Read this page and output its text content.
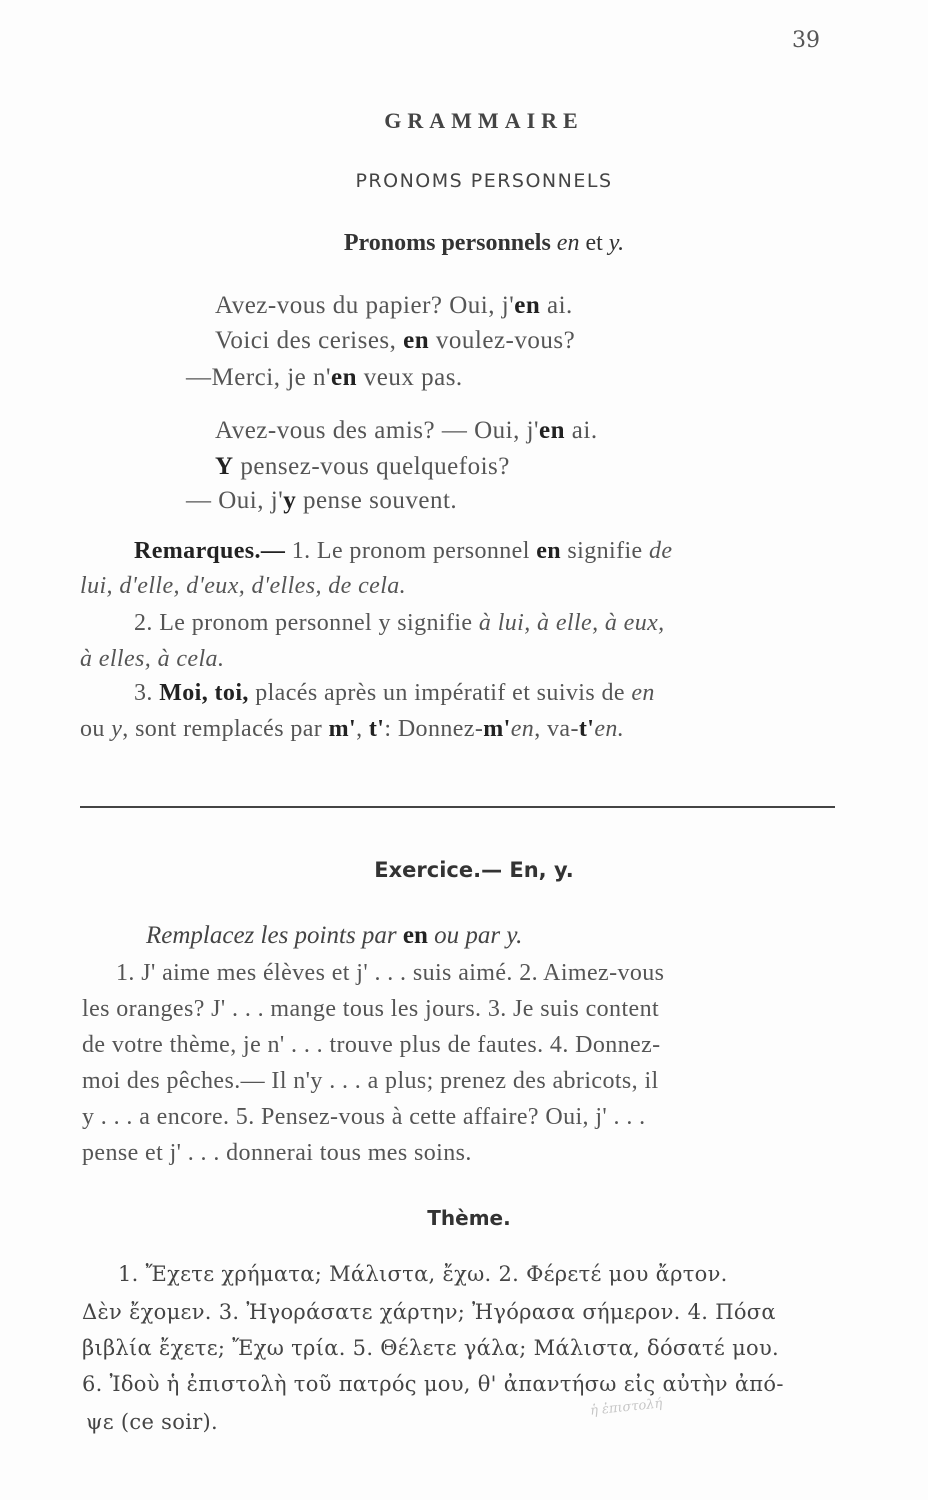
39
GRAMMAIRE
PRONOMS PERSONNELS
Pronoms personnels en et y.
Avez-vous du papier? Oui, j'en ai.
Voici des cerises, en voulez-vous?
—Merci, je n'en veux pas.
Avez-vous des amis? — Oui, j'en ai.
Y pensez-vous quelquefois?
— Oui, j'y pense souvent.
Remarques.— 1. Le pronom personnel en signifie de
lui, d'elle, d'eux, d'elles, de cela.
2. Le pronom personnel y signifie à lui, à elle, à eux,
à elles, à cela.
3. Moi, toi, placés après un impératif et suivis de en
ou y, sont remplacés par m', t': Donnez-m'en, va-t'en.
Exercice.— En, y.
Remplacez les points par en ou par y.
1. J' aime mes élèves et j' . . . suis aimé. 2. Aimez-vous
les oranges? J' . . . mange tous les jours. 3. Je suis content
de votre thème, je n' . . . trouve plus de fautes. 4. Donnez-
moi des pêches.— Il n'y . . . a plus; prenez des abricots, il
y . . . a encore. 5. Pensez-vous à cette affaire? Oui, j' . . .
pense et j' . . . donnerai tous mes soins.
Thème.
1. Ἔχετε χρήματα; Μάλιστα, ἔχω. 2. Φέρετέ μου ἄρτον.
Δὲν ἔχομεν. 3. Ἠγοράσατε χάρτην; Ἠγόρασα σήμερον. 4. Πόσα
βιβλία ἔχετε; Ἔχω τρία. 5. Θέλετε γάλα; Μάλιστα, δόσατέ μου.
6. Ἰδοὺ ἡ ἐπιστολὴ τοῦ πατρός μου, θ' ἀπαντήσω εἰς αὐτὴν ἀπό-
ψε (ce soir).
ἡ ἐπιστολή
